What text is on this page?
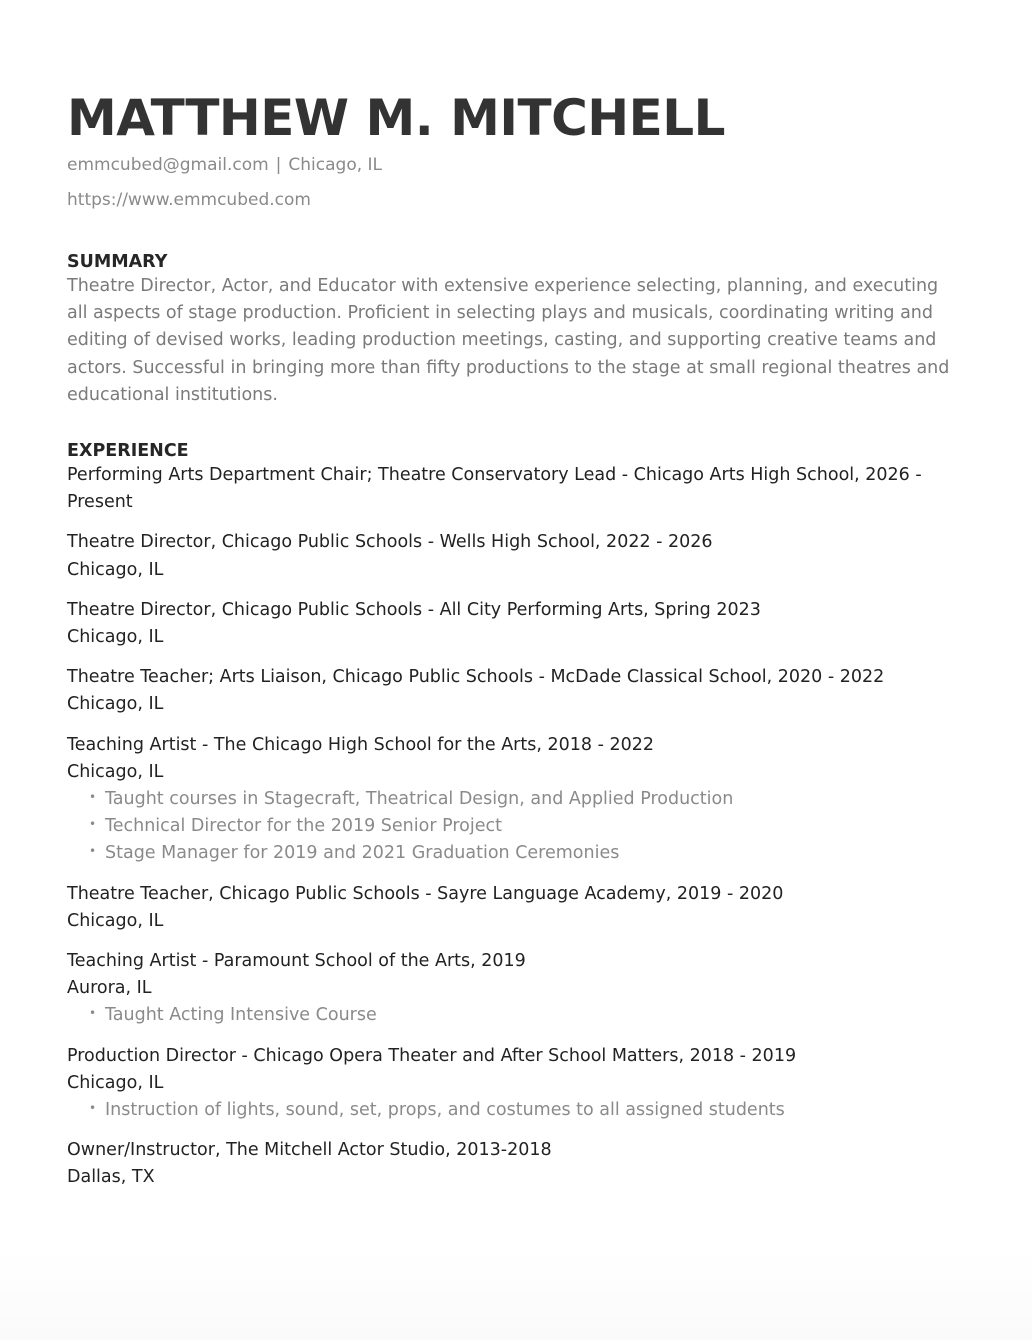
MATTHEW M. MITCHELL
emmcubed@gmail.com | Chicago, IL
https://www.emmcubed.com
SUMMARY
Theatre Director, Actor, and Educator with extensive experience selecting, planning, and executing all aspects of stage production. Proficient in selecting plays and musicals, coordinating writing and editing of devised works, leading production meetings, casting, and supporting creative teams and actors. Successful in bringing more than fifty productions to the stage at small regional theatres and educational institutions.
EXPERIENCE
Performing Arts Department Chair; Theatre Conservatory Lead - Chicago Arts High School, 2026 - Present
Theatre Director, Chicago Public Schools - Wells High School, 2022 - 2026
Chicago, IL
Theatre Director, Chicago Public Schools - All City Performing Arts, Spring 2023
Chicago, IL
Theatre Teacher; Arts Liaison, Chicago Public Schools - McDade Classical School, 2020 - 2022
Chicago, IL
Teaching Artist - The Chicago High School for the Arts, 2018 - 2022
Chicago, IL
• Taught courses in Stagecraft, Theatrical Design, and Applied Production
• Technical Director for the 2019 Senior Project
• Stage Manager for 2019 and 2021 Graduation Ceremonies
Theatre Teacher, Chicago Public Schools - Sayre Language Academy, 2019 - 2020
Chicago, IL
Teaching Artist - Paramount School of the Arts, 2019
Aurora, IL
• Taught Acting Intensive Course
Production Director - Chicago Opera Theater and After School Matters, 2018 - 2019
Chicago, IL
• Instruction of lights, sound, set, props, and costumes to all assigned students
Owner/Instructor, The Mitchell Actor Studio, 2013-2018
Dallas, TX
